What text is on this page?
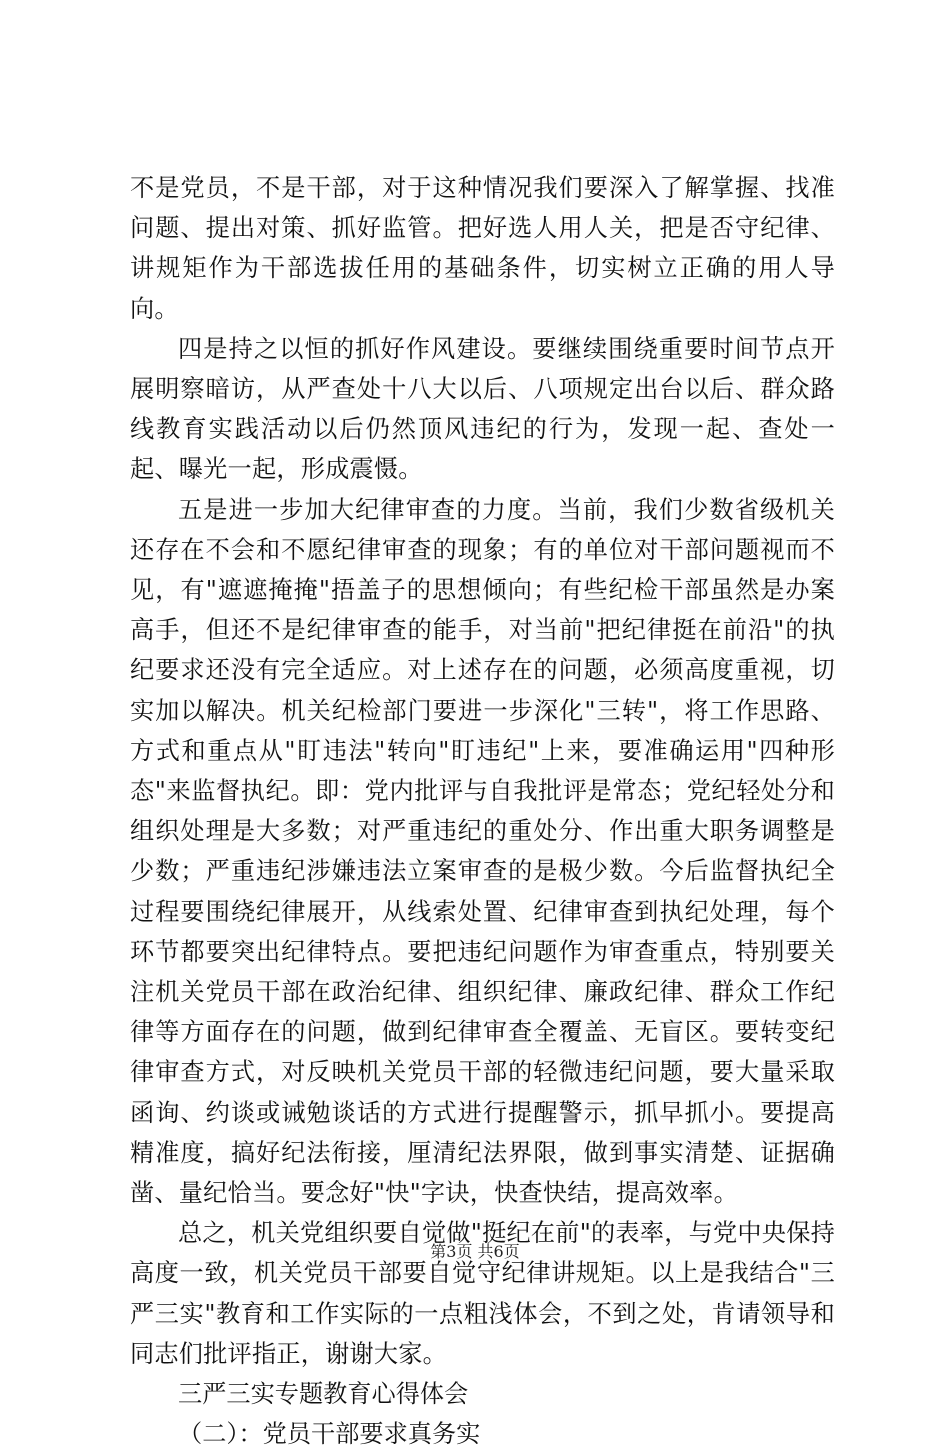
不是党员，不是干部，对于这种情况我们要深入了解掌握、找准问题、提出对策、抓好监管。把好选人用人关，把是否守纪律、讲规矩作为干部选拔任用的基础条件，切实树立正确的用人导向。

四是持之以恒的抓好作风建设。要继续围绕重要时间节点开展明察暗访，从严查处十八大以后、八项规定出台以后、群众路线教育实践活动以后仍然顶风违纪的行为，发现一起、查处一起、曝光一起，形成震慑。

五是进一步加大纪律审查的力度。当前，我们少数省级机关还存在不会和不愿纪律审查的现象；有的单位对干部问题视而不见，有"遮遮掩掩"捂盖子的思想倾向；有些纪检干部虽然是办案高手，但还不是纪律审查的能手，对当前"把纪律挺在前沿"的执纪要求还没有完全适应。对上述存在的问题，必须高度重视，切实加以解决。机关纪检部门要进一步深化"三转"，将工作思路、方式和重点从"盯违法"转向"盯违纪"上来，要准确运用"四种形态"来监督执纪。即：党内批评与自我批评是常态；党纪轻处分和组织处理是大多数；对严重违纪的重处分、作出重大职务调整是少数；严重违纪涉嫌违法立案审查的是极少数。今后监督执纪全过程要围绕纪律展开，从线索处置、纪律审查到执纪处理，每个环节都要突出纪律特点。要把违纪问题作为审查重点，特别要关注机关党员干部在政治纪律、组织纪律、廉政纪律、群众工作纪律等方面存在的问题，做到纪律审查全覆盖、无盲区。要转变纪律审查方式，对反映机关党员干部的轻微违纪问题，要大量采取函询、约谈或诫勉谈话的方式进行提醒警示，抓早抓小。要提高精准度，搞好纪法衔接，厘清纪法界限，做到事实清楚、证据确凿、量纪恰当。要念好"快"字诀，快查快结，提高效率。

总之，机关党组织要自觉做"挺纪在前"的表率，与党中央保持高度一致，机关党员干部要自觉守纪律讲规矩。以上是我结合"三严三实"教育和工作实际的一点粗浅体会，不到之处，肯请领导和同志们批评指正，谢谢大家。

三严三实专题教育心得体会

（二）：党员干部要求真务实

第3页 共6页
